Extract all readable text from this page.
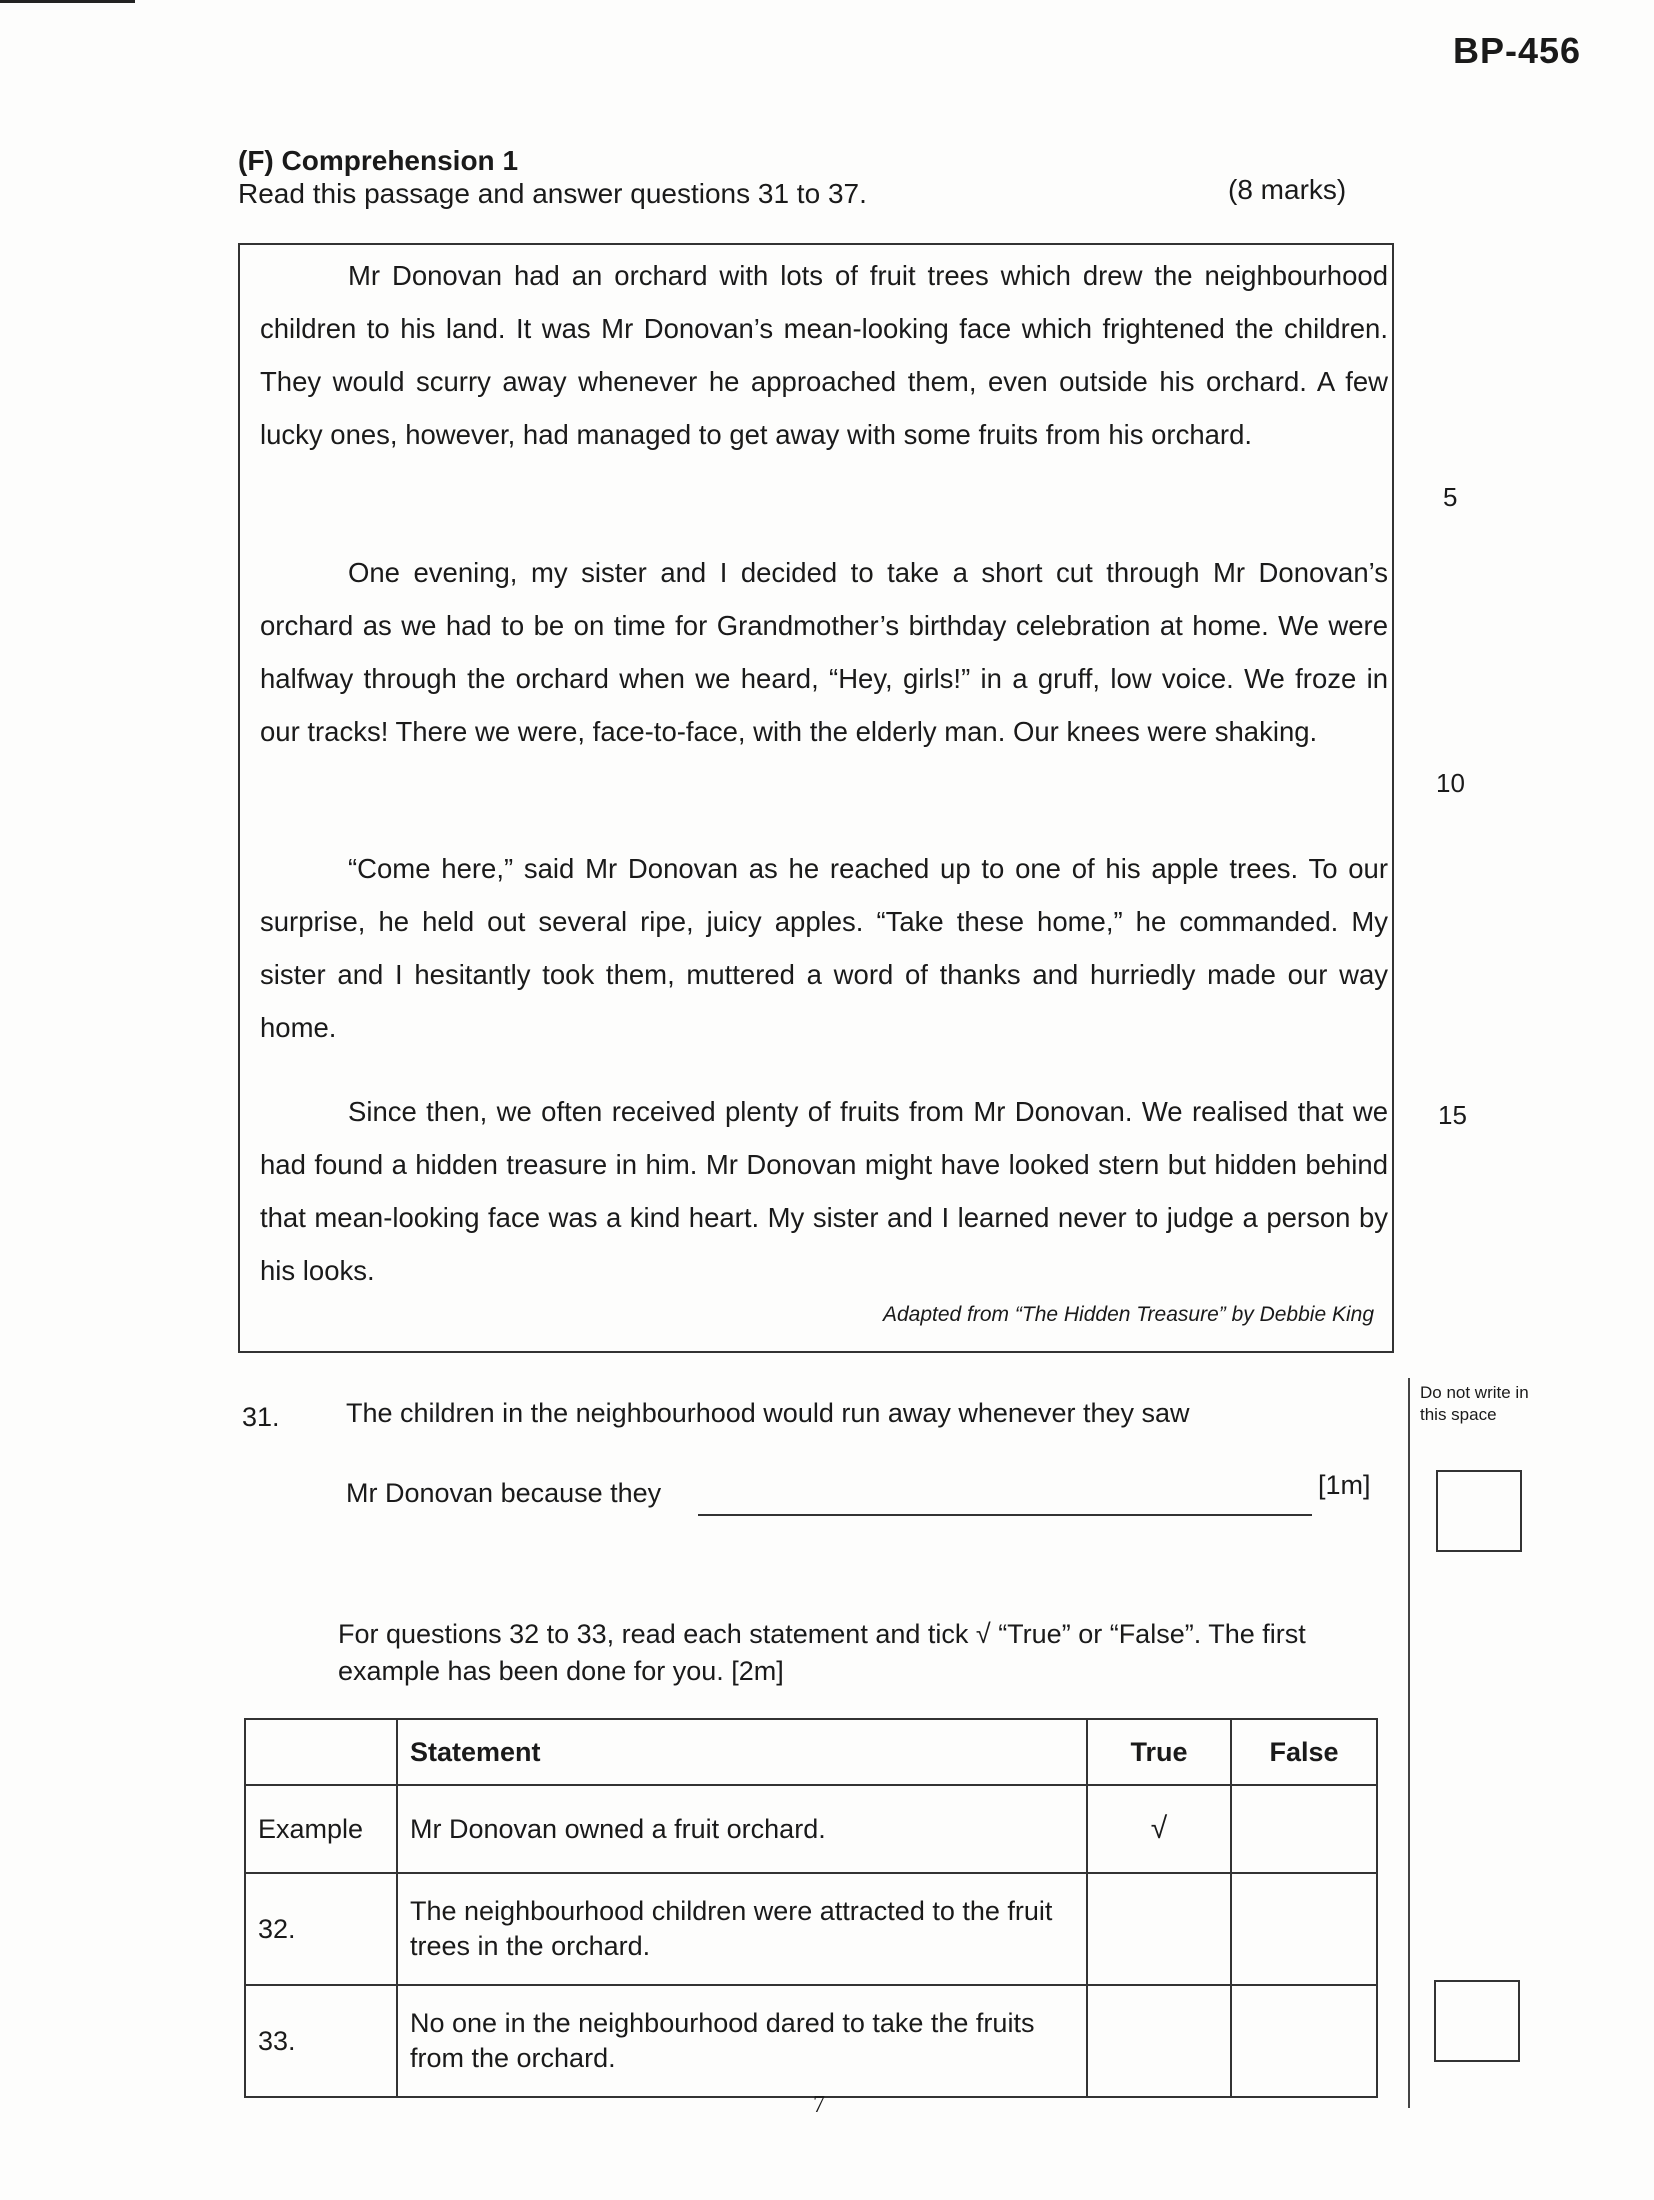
BP-456
(F) Comprehension 1
Read this passage and answer questions 31 to 37.	(8 marks)

Mr Donovan had an orchard with lots of fruit trees which drew the neighbourhood children to his land. It was Mr Donovan’s mean-looking face which frightened the children. They would scurry away whenever he approached them, even outside his orchard. A few lucky ones, however, had managed to get away with some fruits from his orchard.

One evening, my sister and I decided to take a short cut through Mr Donovan’s orchard as we had to be on time for Grandmother’s birthday celebration at home. We were halfway through the orchard when we heard, “Hey, girls!” in a gruff, low voice. We froze in our tracks! There we were, face-to-face, with the elderly man. Our knees were shaking.

“Come here,” said Mr Donovan as he reached up to one of his apple trees. To our surprise, he held out several ripe, juicy apples. “Take these home,” he commanded. My sister and I hesitantly took them, muttered a word of thanks and hurriedly made our way home.

Since then, we often received plenty of fruits from Mr Donovan. We realised that we had found a hidden treasure in him. Mr Donovan might have looked stern but hidden behind that mean-looking face was a kind heart. My sister and I learned never to judge a person by his looks.

Adapted from “The Hidden Treasure” by Debbie King
5
10
15
Do not write in this space
31. The children in the neighbourhood would run away whenever they saw
Mr Donovan because they	[1m]
For questions 32 to 33, read each statement and tick √ “True” or “False”. The first example has been done for you. [2m]
	Statement	True	False
Example	Mr Donovan owned a fruit orchard.	√	
32.	The neighbourhood children were attracted to the fruit trees in the orchard.		
33.	No one in the neighbourhood dared to take the fruits from the orchard.		
7
